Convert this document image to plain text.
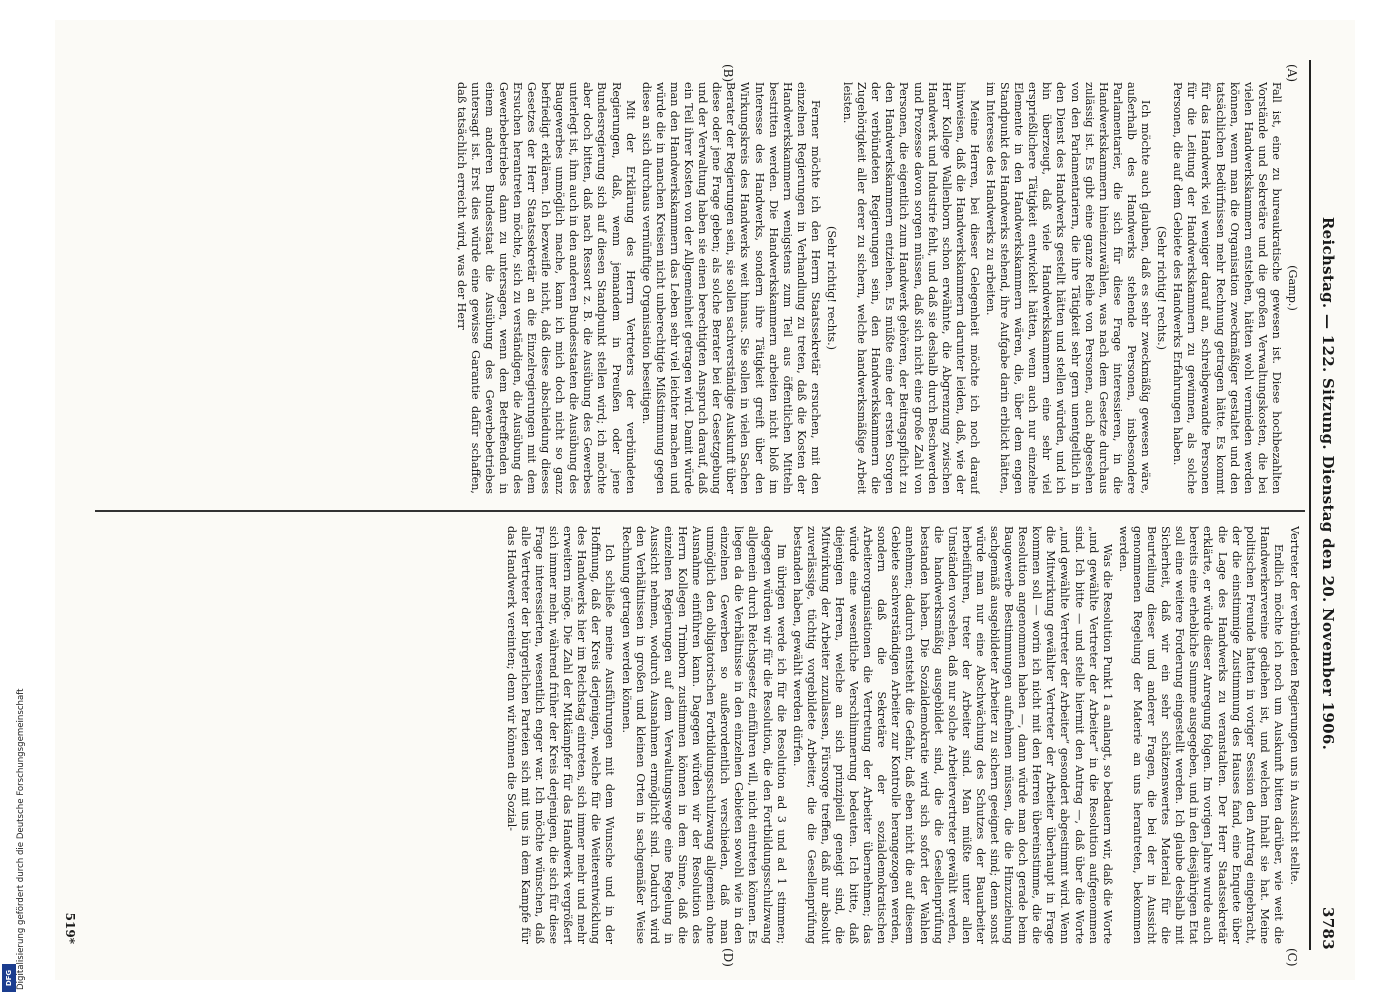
Reichstag. — 122. Sitzung. Dienstag den 20. November 1906.
3783
(A)
(B)
(C)
(D)

(Gamp.)

Fall ist, eine zu bureaukratische gewesen ist. Diese hochbezahlten Vorstände und Sekretäre und die großen Verwaltungskosten, die bei vielen Handwerkskammern entstehen, hätten wohl vermieden werden können, wenn man die Organisation zweckmäßiger gestaltet und den tatsächlichen Bedürfnissen mehr Rechnung getragen hätte. Es kommt für das Handwerk viel weniger darauf an, schreibgewandte Personen für die Leitung der Handwerkskammern zu gewinnen, als solche Personen, die auf dem Gebiete des Handwerks Erfahrungen haben.

(Sehr richtig! rechts.)

Ich möchte auch glauben, daß es sehr zweckmäßig gewesen wäre, außerhalb des Handwerks stehende Personen, insbesondere Parlamentarier, die sich für diese Frage interessieren, in die Handwerkskammern hineinzuwählen, was nach dem Gesetze durchaus zulässig ist. Es gibt eine ganze Reihe von Personen, auch abgesehen von den Parlamentariern, die ihre Tätigkeit sehr gern unentgeltlich in den Dienst des Handwerks gestellt hätten und stellen würden, und ich bin überzeugt, daß viele Handwerkskammern eine sehr viel ersprießlichere Tätigkeit entwickelt hätten, wenn auch nur einzelne Elemente in den Handwerkskammern wären, die, über dem engen Standpunkt des Handwerks stehend, ihre Aufgabe darin erblickt hätten, im Interesse des Handwerks zu arbeiten.

Meine Herren, bei dieser Gelegenheit möchte ich noch darauf hinweisen, daß die Handwerkskammern darunter leiden, daß, wie der Herr Kollege Wallenborn schon erwähnte, die Abgrenzung zwischen Handwerk und Industrie fehlt, und daß sie deshalb durch Beschwerden und Prozesse davon sorgen müssen, daß sich nicht eine große Zahl von Personen, die eigentlich zum Handwerk gehören, der Beitragspflicht zu den Handwerkskammern entziehen. Es müßte eine der ersten Sorgen der verbündeten Regierungen sein, den Handwerkskammern die Zugehörigkeit aller derer zu sichern, welche handwerksmäßige Arbeit leisten.

(Sehr richtig! rechts.)

Ferner möchte ich den Herrn Staatssekretär ersuchen, mit den einzelnen Regierungen in Verhandlung zu treten, daß die Kosten der Handwerkskammern wenigstens zum Teil aus öffentlichen Mitteln bestritten werden. Die Handwerkskammern arbeiten nicht bloß im Interesse des Handwerks, sondern ihre Tätigkeit greift über den Wirkungskreis des Handwerks weit hinaus. Sie sollen in vielen Sachen Berater der Regierungen sein, sie sollen sachverständige Auskunft über diese oder jene Frage geben; als solche Berater bei der Gesetzgebung und der Verwaltung haben sie einen berechtigten Anspruch darauf, daß ein Teil ihrer Kosten von der Allgemeinheit getragen wird. Damit würde man den Handwerkskammern das Leben sehr viel leichter machen und würde die in manchen Kreisen nicht unberechtigte Mißstimmung gegen diese an sich durchaus vernünftige Organisation beseitigen.

Mit der Erklärung des Herrn Vertreters der verbündeten Regierungen, daß, wenn jemandem in Preußen oder jene Bundesregierung sich auf diesen Standpunkt stellen wird; ich möchte aber doch bitten, daß nach Ressort z. B. die Ausübung des Gewerbes unterlegt ist, ihm auch in den anderen Bundesstaaten die Ausübung des Baugewerbes unmöglich mache, kann ich mich doch nicht so ganz befriedigt erklären. Ich bezweifle nicht, daß diese abschiedung dieses Gesetzes der Herr Staatssekretär an die Einzelregierungen mit dem Ersuchen herantreten möchte, sich zu verständigen, die Ausübung des Gewerbebetriebes dann zu untersagen, wenn dem Betreffenden in einem anderen Bundesstaat die Ausübung des Gewerbebetriebes untersagt ist. Erst dies würde eine gewisse Garantie dafür schaffen, daß tatsächlich erreicht wird, was der Herr

Vertreter der verbündeten Regierungen uns in Aussicht stellte.

Endlich möchte ich noch um Auskunft bitten darüber, wie weit die Handwerkervereine gediehen ist, und welchen Inhalt sie hat. Meine politischen Freunde hatten in voriger Session den Antrag eingebracht, der die einstimmige Zustimmung des Hauses fand, eine Enquete über die Lage des Handwerks zu veranstalten. Der Herr Staatssekretär erklärte, er würde dieser Anregung folgen. Im vorigen Jahre wurde auch bereits eine erhebliche Summe ausgegeben, und in den diesjährigen Etat soll eine weitere Forderung eingestellt werden. Ich glaube deshalb mit Sicherheit, daß wir ein sehr schätzenswertes Material für die Beurteilung dieser und anderer Fragen, die bei der in Aussicht genommenen Regelung der Materie an uns herantreten, bekommen werden.

Was die Resolution Punkt 1 a anlangt, so bedauern wir, daß die Worte „und gewählte Vertreter der Arbeiter“ in die Resolution aufgenommen sind. Ich bitte — und stelle hiermit den Antrag —, daß über die Worte „und gewählte Vertreter der Arbeiter“ gesondert abgestimmt wird. Wenn die Mitwirkung gewählter Vertreter der Arbeiter überhaupt in Frage kommen soll — worin ich nicht mit den Herren übereinstimme, die die Resolution angenommen haben —, dann würde man doch gerade beim Baugewerbe Bestimmungen aufnehmen müssen, die die Hinzuziehung sachgemäß ausgebildeter Arbeiter zu sichern geeignet sind; denn sonst würde man nur eine Abschwächung des Schutzes der Bauarbeiter herbeiführen, treter der Arbeiter sind. Man müßte unter allen Umständen vorsehen, daß nur solche Arbeitervertreter gewählt werden, die handwerksmäßig ausgebildet sind, die die Gesellenprüfung bestanden haben. Die Sozialdemokratie wird sich sofort der Wahlen annehmen; dadurch entsteht die Gefahr, daß eben nicht die auf diesem Gebiete sachverständigen Arbeiter zur Kontrolle herangezogen werden, sondern daß die Sekretäre der sozialdemokratischen Arbeiterorganisationen die Vertretung der Arbeiter übernehmen; das würde eine wesentliche Verschlimmerung bedeuten. Ich bitte, daß diejenigen Herren, welche an sich prinzipiell geneigt sind, die Mitwirkung der Arbeiter zuzulassen, Fürsorge treffen, daß nur absolut zuverlässige, tüchtig vorgebildete Arbeiter, die die Gesellenprüfung bestanden haben, gewählt werden dürfen.

Im übrigen werde ich für die Resolution ad 3 und ad 1 stimmen; dagegen würden wir für die Resolution, die den Fortbildungsschulzwang allgemein durch Reichsgesetz einführen will, nicht eintreten können. Es liegen da die Verhältnisse in den einzelnen Gebieten sowohl wie in den einzelnen Gewerben so außerordentlich verschieden, daß man unmöglich den obligatorischen Fortbildungsschulzwang allgemein ohne Ausnahme einführen kann. Dagegen würden wir der Resolution des Herrn Kollegen Trimborn zustimmen können in dem Sinne, daß die einzelnen Regierungen auf dem Verwaltungswege eine Regelung in Aussicht nehmen, wodurch Ausnahmen ermöglicht sind. Dadurch wird den Verhältnissen in großen und kleinen Orten in sachgemäßer Weise Rechnung getragen werden können.

Ich schließe meine Ausführungen mit dem Wunsche und in der Hoffnung, daß der Kreis derjenigen, welche für die Weiterentwicklung des Handwerks hier im Reichstag eintreten, sich immer mehr und mehr erweitern möge. Die Zahl der Mitkämpfer für das Handwerk vergrößert sich immer mehr, während früher der Kreis derjenigen, die sich für diese Frage interessierten, wesentlich enger war. Ich möchte wünschen, daß alle Vertreter der bürgerlichen Parteien sich mit uns in dem Kampfe für das Handwerk vereinten; denn wir können die Sozial-

519*
Digitalisierung gefördert durch die Deutsche Forschungsgemeinschaft
DFG
